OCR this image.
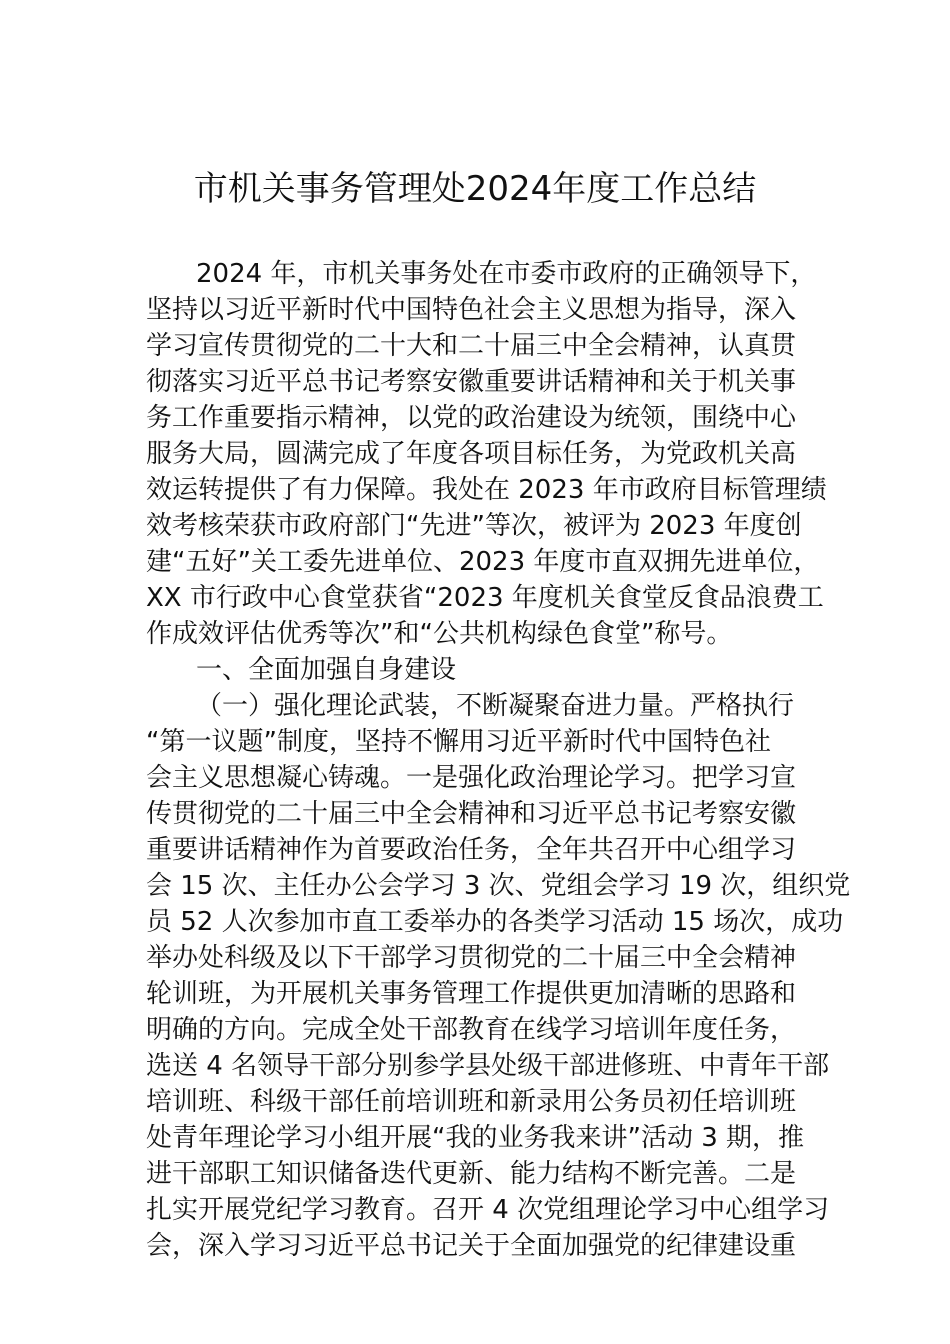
市机关事务管理处2024年度工作总结
2024 年，市机关事务处在市委市政府的正确领导下，
坚持以习近平新时代中国特色社会主义思想为指导，深入
学习宣传贯彻党的二十大和二十届三中全会精神，认真贯
彻落实习近平总书记考察安徽重要讲话精神和关于机关事
务工作重要指示精神，以党的政治建设为统领，围绕中心
服务大局，圆满完成了年度各项目标任务，为党政机关高
效运转提供了有力保障。我处在 2023 年市政府目标管理绩
效考核荣获市政府部门“先进”等次，被评为 2023 年度创
建“五好”关工委先进单位、2023 年度市直双拥先进单位，
XX 市行政中心食堂获省“2023 年度机关食堂反食品浪费工
作成效评估优秀等次”和“公共机构绿色食堂”称号。
一、全面加强自身建设
（一）强化理论武装，不断凝聚奋进力量。严格执行
“第一议题”制度，坚持不懈用习近平新时代中国特色社
会主义思想凝心铸魂。一是强化政治理论学习。把学习宣
传贯彻党的二十届三中全会精神和习近平总书记考察安徽
重要讲话精神作为首要政治任务，全年共召开中心组学习
会 15 次、主任办公会学习 3 次、党组会学习 19 次，组织党
员 52 人次参加市直工委举办的各类学习活动 15 场次，成功
举办处科级及以下干部学习贯彻党的二十届三中全会精神
轮训班，为开展机关事务管理工作提供更加清晰的思路和
明确的方向。完成全处干部教育在线学习培训年度任务，
选送 4 名领导干部分别参学县处级干部进修班、中青年干部
培训班、科级干部任前培训班和新录用公务员初任培训班
处青年理论学习小组开展“我的业务我来讲”活动 3 期，推
进干部职工知识储备迭代更新、能力结构不断完善。二是
扎实开展党纪学习教育。召开 4 次党组理论学习中心组学习
会，深入学习习近平总书记关于全面加强党的纪律建设重
